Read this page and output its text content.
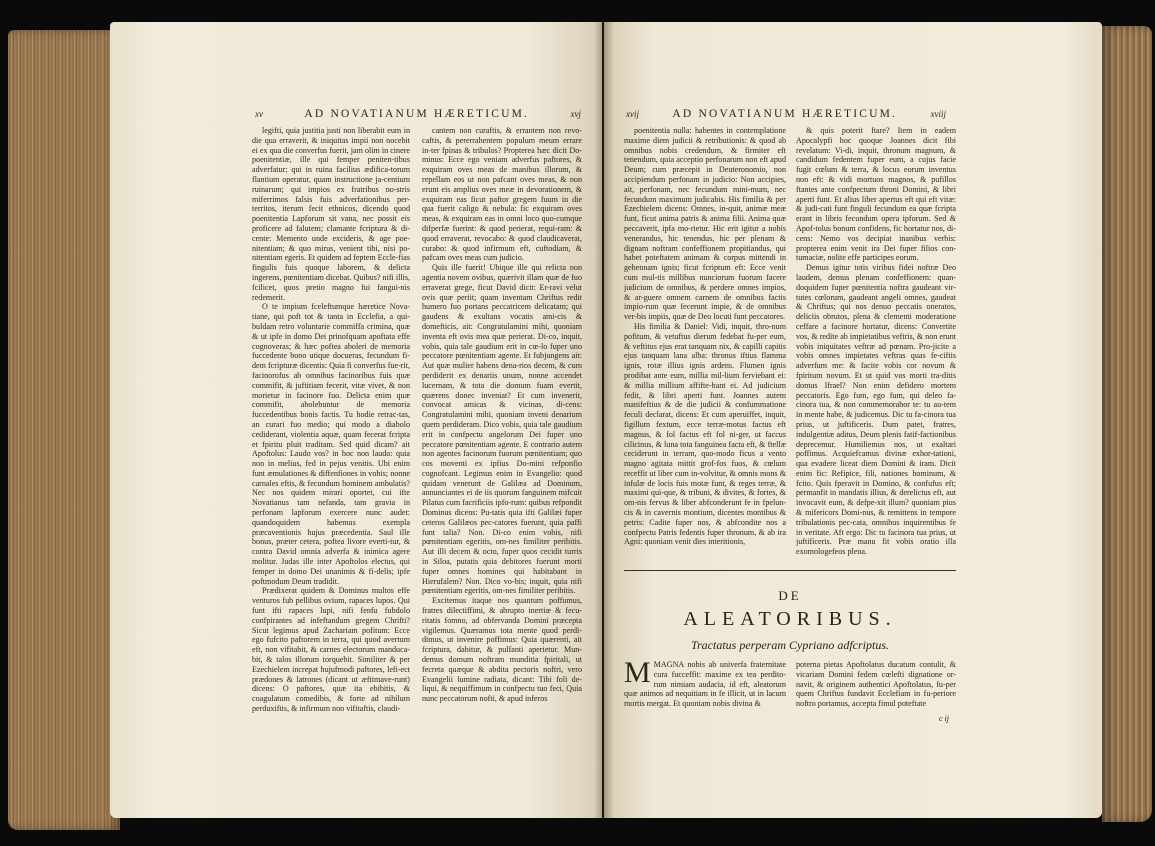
xv	AD NOVATIANUM HÆRETICUM.	xvj

legifti, quia justitia justi non liberabit eum in die qua erraverit, & iniquitas impii non nocebit ei ex qua die converfus fuerit, jam olim in cinere poenitentiæ, ille qui femper peniten-tibus adverfatur; qui in ruina facilius ædifica-torum flantium operatur, quam instructione ja-centium ruinarum; qui impios ex fratribus no-stris miferrimos falsis fuis adverfationibus per-territos, iterum fecit ethnicos, dicendo quod poenitentia Lapforum sit vana, nec possit eis proficere ad falutem; clamante fcriptura & di-cente: Memento unde excideris, & age poe-nitentiam; & quo mirus, venient tibi, nisi po-nitentiam egeris. Et quidem ad feptem Eccle-fias fingulis fuis quoque laborem, & delicta ingerens, pœnitentiam dicebat. Quibus? nifi illis, fcilicet, quos pretio magno fui fangui-nis redemerit.

O te impium fceleftumque hæretice Nova-tiane, qui poft tot & tanta in Ecclefia, a qui-buldam retro voluntarie commiffa crimina, quæ & ut ipfe in domo Dei prinofquam apoftata effe cognoveras; & hæc poftea aboleri de memoria fuccedente bono utique docueras, fecundum fi-dem fcripturæ dicentis: Quia fi converfus fue-rit, facinorofus ab omnibus facinoribus fuis quæ commifit, & juftitiam fecerit, vitæ vivet, & non morietur in facinore fuo. Delicta enim quæ commifit, abolebuntur de memoria fuccedentibus bonis factis. Tu hodie retrac-tas, an curari fuo medio; qui modo a diabolo cediderant, violentia aquæ, quam fecerat fcripta et fpiritu pluit traditam. Sed quid dicam? ait Apoftolus: Laudo vos? in hoc non laudo: quia non in melius, fed in pejus venitis. Ubi enim funt æmulationes & diffenfiones in vobis; nonne carnales eftis, & fecundum hominem ambulatis? Nec nos quidem mirari oportet, cui ifte Novatianus tam nefanda, tam gravia in perfonam lapforum exercere nunc audet: quandoquidem habemus exempla præcaventionis hujus præcedentia. Saul ille bonus, præter cetera, poftea livore everti-tur, & contra David omnia adverfa & inimica agere molitur. Judas ille inter Apoftolos electus, qui femper in domo Dei unanimis & fi-delis; ipfe poftmodum Deum tradidit.

Prædixerat quidem & Dominus multos effe venturos fub pellibus ovium, rapaces lupos. Qui funt ifti rapaces lupi, nifi fenfu fubdolo confpirantes ad infeftandum gregem Chrifti? Sicut legimus apud Zachariam pofitum: Ecce ego fufcito paftorem in terra, qui quod avertum eft, non vifitabit, & carnes electorum manduca-bit, & talos illorum torquebit. Similiter & per Ezechielem increpat hujufmodi paftores, lefi-ect prædones & latrones (dicant ut æftimave-runt) dicens: O paftores, quæ ita ebibitis, & coagulatum comedibis, & forte ad nihilum perduxiftis, & infirmum non vifitaftis, claudi-

cantem non curaftis, & errantem non revo-caftis, & pererrahentem populum meum errare in-ter fpinas & tribulos? Propterea hæc dicit Do-minus: Ecce ego veniam adverfus paftores, & exquiram oves meas de manibus illorum, & repellam eos ut non pafcant oves meas, & non erunt eis amplius oves meæ in devorationem, & exquiram eas ficut paftor gregem fuum in die qua fuerit caligo & nebula: fic exquiram oves meas, & exquiram eas in omni loco quo-cumque difperfæ fuerint: & quod perierat, requi-ram: & quod erraverat, revocabo: & quod claudicaverat, curabo: & quod infirmum eft, cuftodiam, & pafcam oves meas cum judicio.

Quis ille fuerit! Ubique ille qui relicta non agentia novem ovibus, quærivit illam quæ de fuo erraverat grege, ficut David dicit: Er-ravi velut ovis quæ periit; quam inventam Chriftus redit humero fuo portans peccatricem delicatam; qui gaudens & exultans vocatis ami-cis & domefticis, ait: Congratulamini mihi, quoniam inventa eft ovis mea quæ perierat. Di-co, inquit, vobis, quia tale gaudium erit in cœ-lo fuper uno peccatore pœnitentiam agente. Et fubjungens ait: Aut quæ mulier habens dena-rios decem, & cum perdiderit ex denariis unum, nonne accendet lucernam, & tota die domum fuam evertit, quærens donec inveniat? Et cum invenerit, convocat amicas & vicinas, di-cens: Congratulamini mihi, quoniam inveni denarium quem perdideram. Dico vobis, quia tale gaudium erit in confpectu angelorum Dei fuper uno peccatore pœnitentiam agente. E contrario autem non agentes facinorum fuorum pœnitentiam; quo cos moventi ex ipfius Do-mini refponfio cognofcant. Legimus enim in Evangelio: quod quidam venerunt de Galilæa ad Dominum, annunciantes ei de iis quorum fanguinem mifcuit Pilatus cum facrificiis ipfo-rum: quibus refpondit Dominus dicens: Pu-tatis quia ifti Galilæi fuper ceteros Galilæos pec-catores fuerunt, quia paffi funt talia? Non. Di-co enim vobis, nifi pœnitentiam egeritis, om-nes fimiliter peribitis. Aut illi decem & octo, fuper quos cecidit turris in Siloa, putatis quia debitores fuerunt morti fuper omnes homines qui habitabant in Hierufalem? Non. Dico vo-bis; inquit, quia nifi pœnitentiam egeritis, om-nes fimiliter peribitis.

Excitemus itaque nos quantum poffumus, fratres dilectiffimi, & abrupto inertiæ & fecu-ritatis fomno, ad obfervanda Domini præcepta vigilemus. Quæramus tota mente quod perdi-dimus, ut invenire poffimus: Quia quærenti, ait fcriptura, dabitur, & pulfanti aperietur. Mun-demus domum noftram munditia fpiritali, ut fecreta quæque & abdita pectoris noftri, vero Evangelii lumine radiata, dicant: Tibi foli de-liqui, & nequiffimum in confpectu tuo feci, Quia nunc peccatorum nofti, & apud inferos

xvij	AD NOVATIANUM HÆRETICUM.	xviij

poenitentia nulla: habentes in contemplatione maxime diem judicii & retributionis: & quod ab omnibus nobis credendum, & firmiter eft tenendum, quia acceptio perfonarum non eft apud Deum; cum præcepit in Deuteronomio, non accipiendum perfonam in judicio: Non accipies, ait, perfonam, nec fecundum mini-mum, nec fecundum maximum judicabis. His fimilia & per Ezechielem dicens: Omnes, in-quit, animæ meæ funt, ficut anima patris & anima filii. Anima quæ peccaverit, ipfa mo-rietur. Hic erit igitur a nobis venerandus, hic tenendus, hic per plenam & dignam noftram confeffionem propitiandus, qui habet poteftatem animam & corpus mittendi in gehennam ignis; ficut fcriptum eft: Ecce venit cum mul-tis millibus nunciorum fuorum facere judicium de omnibus, & perdere omnes impios, & ar-guere omnem carnem de omnibus factis impio-rum quæ fecerunt impie, & de omnibus ver-bis impiis, quæ de Deo locuti funt peccatores.

His fimilia & Daniel: Vidi, inquit, thro-num pofitum, & vetuftus dierum fedebat fu-per eum, & veftitus ejus erat tanquam nix, & capilli capitis ejus tanquam lana alba: thronus iftius flamma ignis, rotæ illius ignis ardens. Flumen ignis prodibat ante eum, millia mil-lium ferviebant ei: & millia millium affifte-bant ei. Ad judicium fedit, & libri aperti funt. Joannes autem manifeftius & de die judicii & confummatione feculi declarat, dicens: Et cum aperuiffet, inquit, figillum fextum, ecce terræ-motus factus eft magnus, & fol factus eft fol ni-ger, ut faccus cilicinus, & luna tota fanguinea facta eft, & ftellæ ceciderunt in terram, quo-modo ficus a vento magno agitata mittit grof-fos fuos, & cœlum receffit ut liber cum in-volvitur, & omnis mons & infulæ de locis fuis motæ funt, & reges terræ, & maximi qui-que, & tribuni, & divites, & fortes, & om-nis fervus & liber abfconderunt fe in fpelun-cis & in cavernis montium, dicentes montibus & petris: Cadite fuper nos, & abfcondite nos a confpectu Patris fedentis fuper thronum, & ab ira Agni: quoniam venit dies interitionis,

& quis poterit ftare? Item in eadem Apocalypfi hoc quoque Joannes dicit fibi revelatum: Vi-di, inquit, thronum magnum, & candidum fedentem fuper eum, a cujus facie fugit cœlum & terra, & locus eorum inventus non eft: & vidi mortuos magnos, & pufillos ftantes ante confpectum throni Domini, & libri aperti funt. Et alius liber apertus eft qui eft vitæ: & judi-cati funt finguli fecundum ea quæ fcripta erant in libris fecundum opera ipforum. Sed & Apof-tolus bonum confidens, fic hortatur nos, di-cens: Nemo vos decipiat inanibus verbis: propterea enim venit ira Dei fuper filios con-tumaciæ, nolite effe participes eorum.

Demus igitur totis viribus fidei noftræ Deo laudem, demus plenam confeffionem: quan-doquidem fuper pœnitentia noftra gaudeant vir-tutes cœlorum, gaudeant angeli omnes, gaudeat & Chriftus; qui nos denuo peccatis oneratos, deliciis obrutos, plena & clementi moderatione ceffare a facinore hortatur, dicens: Convertite vos, & redite ab impietatibus veftris, & non erunt vobis iniquitates veftræ ad pœnam. Pro-jicite a vobis omnes impietates veftras quas fe-ciftis adverfum me: & facite vobis cor novum & fpiritum novum. Et ut quid vos morti tra-ditis domus Ifrael? Non enim defidero mortem peccatoris. Ego fum, ego fum, qui deleo fa-cinora tua, & non commemorabor te: tu au-tem in mente habe, & judicemus. Dic tu fa-cinora tua prius, ut juftificeris. Dum patet, fratres, indulgentiæ aditus, Deum plenis fatif-factionibus deprecemur. Humiliemus nos, ut exaltari poffimus. Acquiefcamus divinæ exhor-tationi, qua evadere liceat diem Domini & iram. Dicit enim fic: Refipice, fili, nationes hominum, & fcito. Quis fperavit in Domino, & confufus eft; permanfit in mandatis illius, & derelictus eft, aut invocavit eum, & defpe-xit illum? quoniam pius & mifericors Domi-nus, & remittens in tempore tribulationis pec-cata, omnibus inquirentibus fe in veritate. Aft ergo: Dic tu facinora tua prius, ut juftificeris. Præ manu fit vobis oratio illa exomologefeos plena.

DE
ALEATORIBUS.
Tractatus perperam Cypriano adfcriptus.
M MAGNA nobis ab univerfa fraternitate cura fucceffit: maxime ex tea perdito-rum nimiam audacia, id eft, aleatorum quæ animos ad nequitiam in fe illicit, ut in lacum mortis mergat. Et quoniam nobis divina &
poterna pietas Apoftolatus ducatum contulit, & vicariam Domini fedem cœlefti dignatione or-navit, & originem authentici Apoftolatus, fu-per quem Chriftus fundavit Ecclefiam in fu-periore noftro portamus, accepta fimul poteftate
c ij
